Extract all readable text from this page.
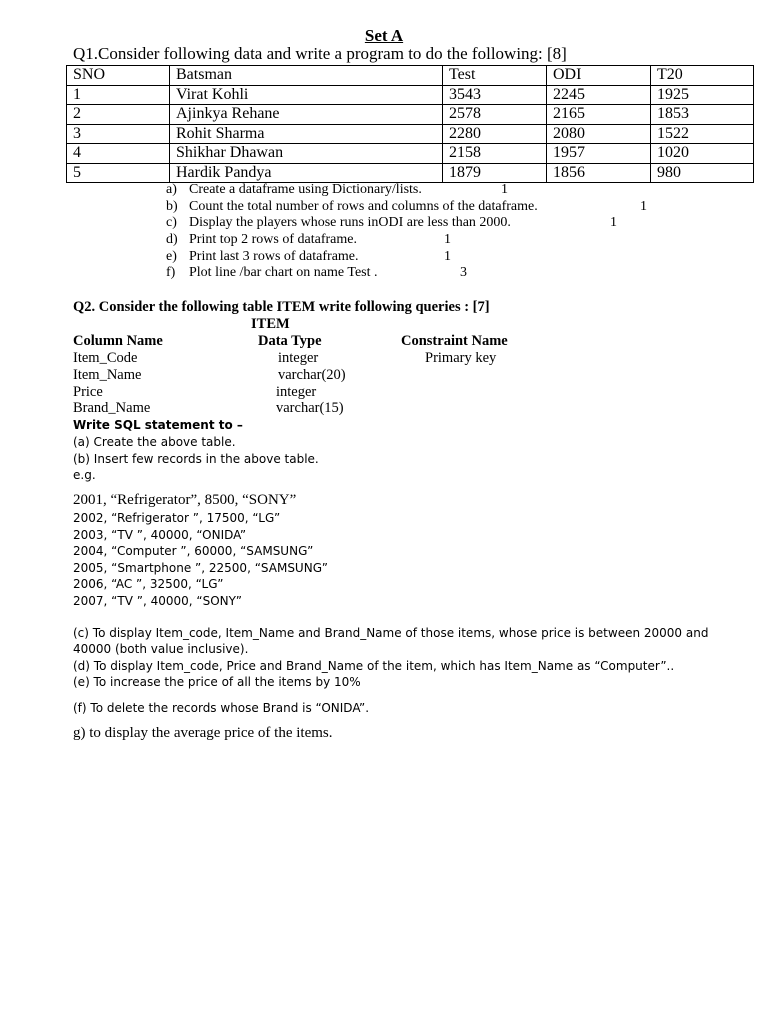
Set A
Q1.Consider following data and write a program to do the following: [8]
SNO	Batsman	Test	ODI	T20
1	Virat Kohli	3543	2245	1925
2	Ajinkya Rehane	2578	2165	1853
3	Rohit Sharma	2280	2080	1522
4	Shikhar Dhawan	2158	1957	1020
5	Hardik Pandya	1879	1856	980
a) Create a dataframe using Dictionary/lists.	1
b) Count the total number of rows and columns of the dataframe.	1
c) Display the players whose runs inODI are less than 2000.	1
d) Print top 2 rows of dataframe.	1
e) Print last 3 rows of dataframe.	1
f) Plot line /bar chart on name Test .	3
Q2. Consider the following table ITEM write following queries : [7]
ITEM
Column Name	Data Type	Constraint Name
Item_Code	integer	Primary key
Item_Name	varchar(20)
Price	integer
Brand_Name	varchar(15)
Write SQL statement to –
(a) Create the above table.
(b) Insert few records in the above table.
e.g.
2001, “Refrigerator”, 8500, “SONY”
2002, “Refrigerator ”, 17500, “LG”
2003, “TV ”, 40000, “ONIDA”
2004, “Computer ”, 60000, “SAMSUNG”
2005, “Smartphone ”, 22500, “SAMSUNG”
2006, “AC ”, 32500, “LG”
2007, “TV ”, 40000, “SONY”
(c) To display Item_code, Item_Name and Brand_Name of those items, whose price is between 20000 and
40000 (both value inclusive).
(d) To display Item_code, Price and Brand_Name of the item, which has Item_Name as “Computer”..
(e) To increase the price of all the items by 10%
(f) To delete the records whose Brand is “ONIDA”.
g) to display the average price of the items.
